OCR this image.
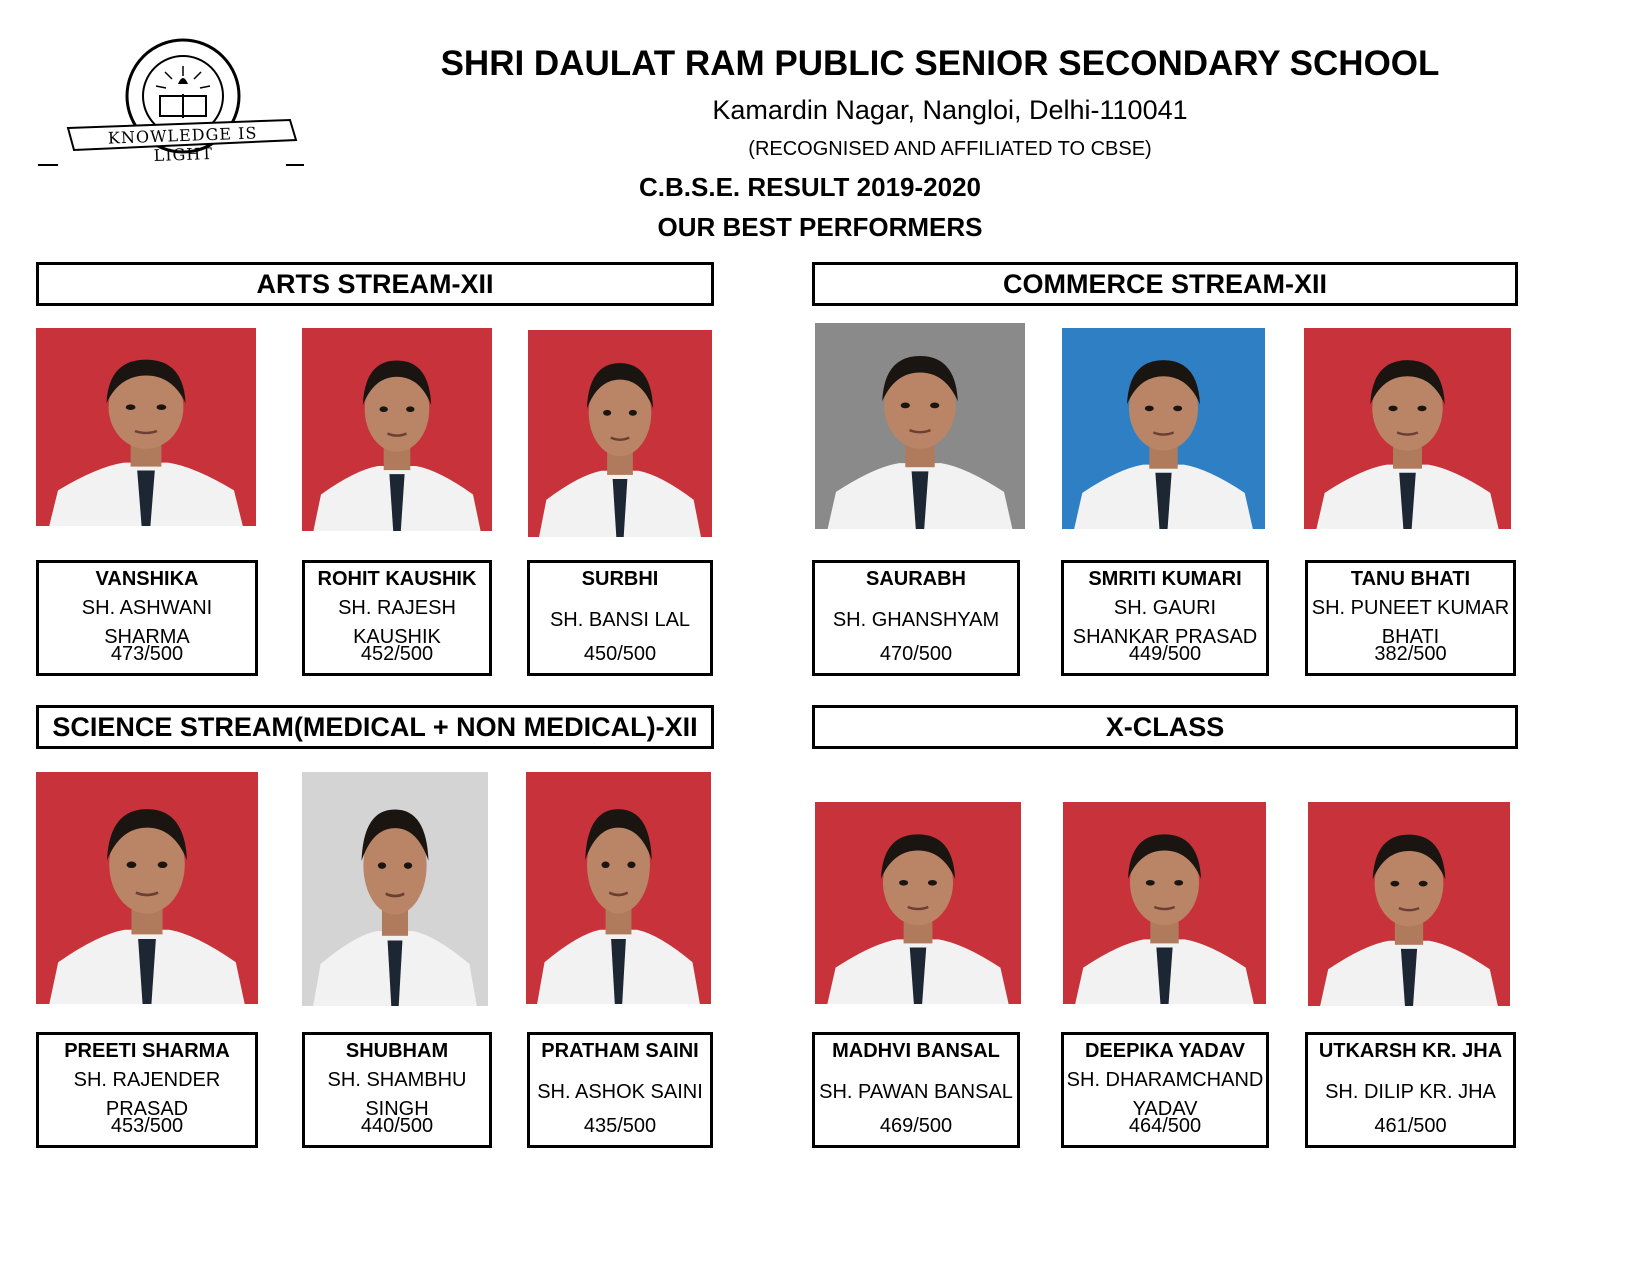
KNOWLEDGE IS LIGHT
SHRI DAULAT RAM PUBLIC SENIOR SECONDARY SCHOOL
Kamardin Nagar, Nangloi, Delhi-110041
(RECOGNISED AND AFFILIATED TO CBSE)
C.B.S.E. RESULT 2019-2020
OUR BEST PERFORMERS
ARTS STREAM-XII	COMMERCE STREAM-XII
SCIENCE STREAM(MEDICAL + NON MEDICAL)-XII	X-CLASS
VANSHIKA
SH. ASHWANI SHARMA
473/500
ROHIT KAUSHIK
SH. RAJESH KAUSHIK
452/500
SURBHI
SH. BANSI LAL
450/500
SAURABH
SH. GHANSHYAM
470/500
SMRITI KUMARI
SH. GAURI SHANKAR PRASAD
449/500
TANU BHATI
SH. PUNEET KUMAR BHATI
382/500
PREETI SHARMA
SH. RAJENDER PRASAD
453/500
SHUBHAM
SH. SHAMBHU SINGH
440/500
PRATHAM SAINI
SH. ASHOK SAINI
435/500
MADHVI BANSAL
SH. PAWAN BANSAL
469/500
DEEPIKA YADAV
SH. DHARAMCHAND YADAV
464/500
UTKARSH KR. JHA
SH. DILIP KR. JHA
461/500
